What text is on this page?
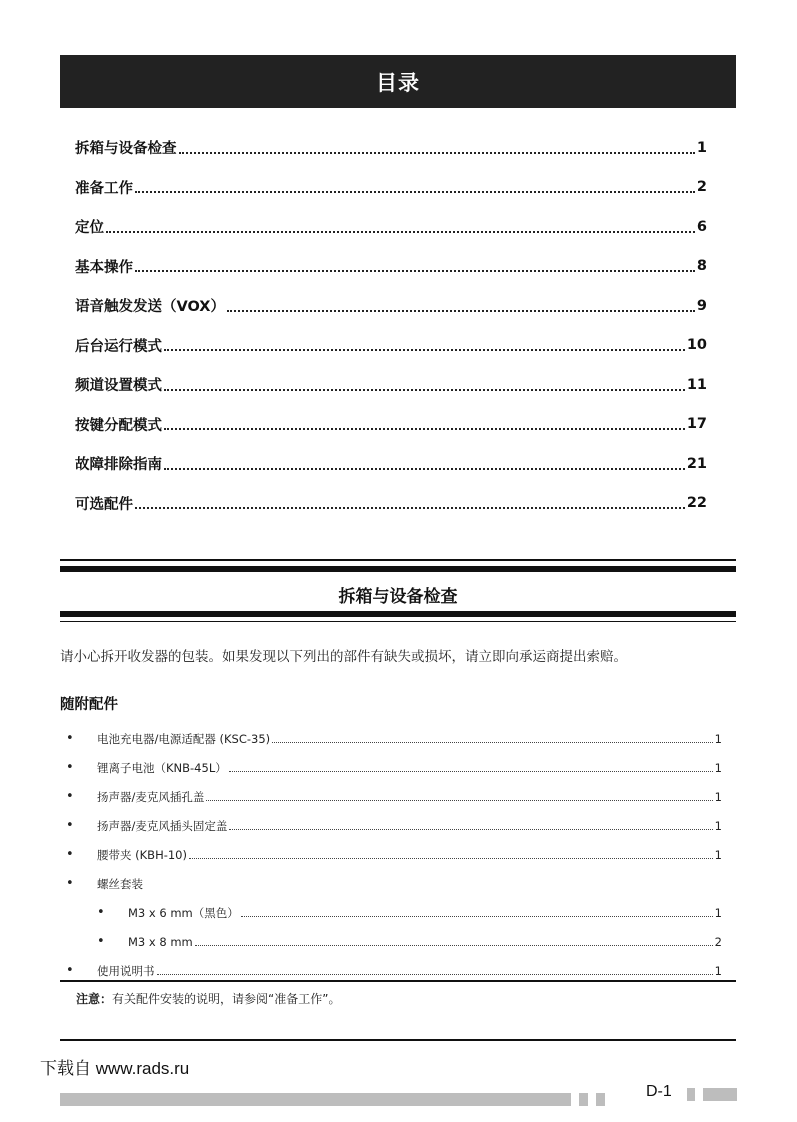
目录
拆箱与设备检查	1
准备工作	2
定位	6
基本操作	8
语音触发发送（VOX）	9
后台运行模式	10
频道设置模式	11
按键分配模式	17
故障排除指南	21
可选配件	22
拆箱与设备检查
请小心拆开收发器的包装。如果发现以下列出的部件有缺失或损坏，请立即向承运商提出索赔。
随附配件
•	电池充电器/电源适配器 (KSC-35)	1
•	锂离子电池（KNB-45L）	1
•	扬声器/麦克风插孔盖	1
•	扬声器/麦克风插头固定盖	1
•	腰带夹 (KBH-10)	1
•	螺丝套装
•	M3 x 6 mm（黑色）	1
•	M3 x 8 mm	2
•	使用说明书	1
注意：有关配件安装的说明，请参阅“准备工作”。
下载自 www.rads.ru
D-1
